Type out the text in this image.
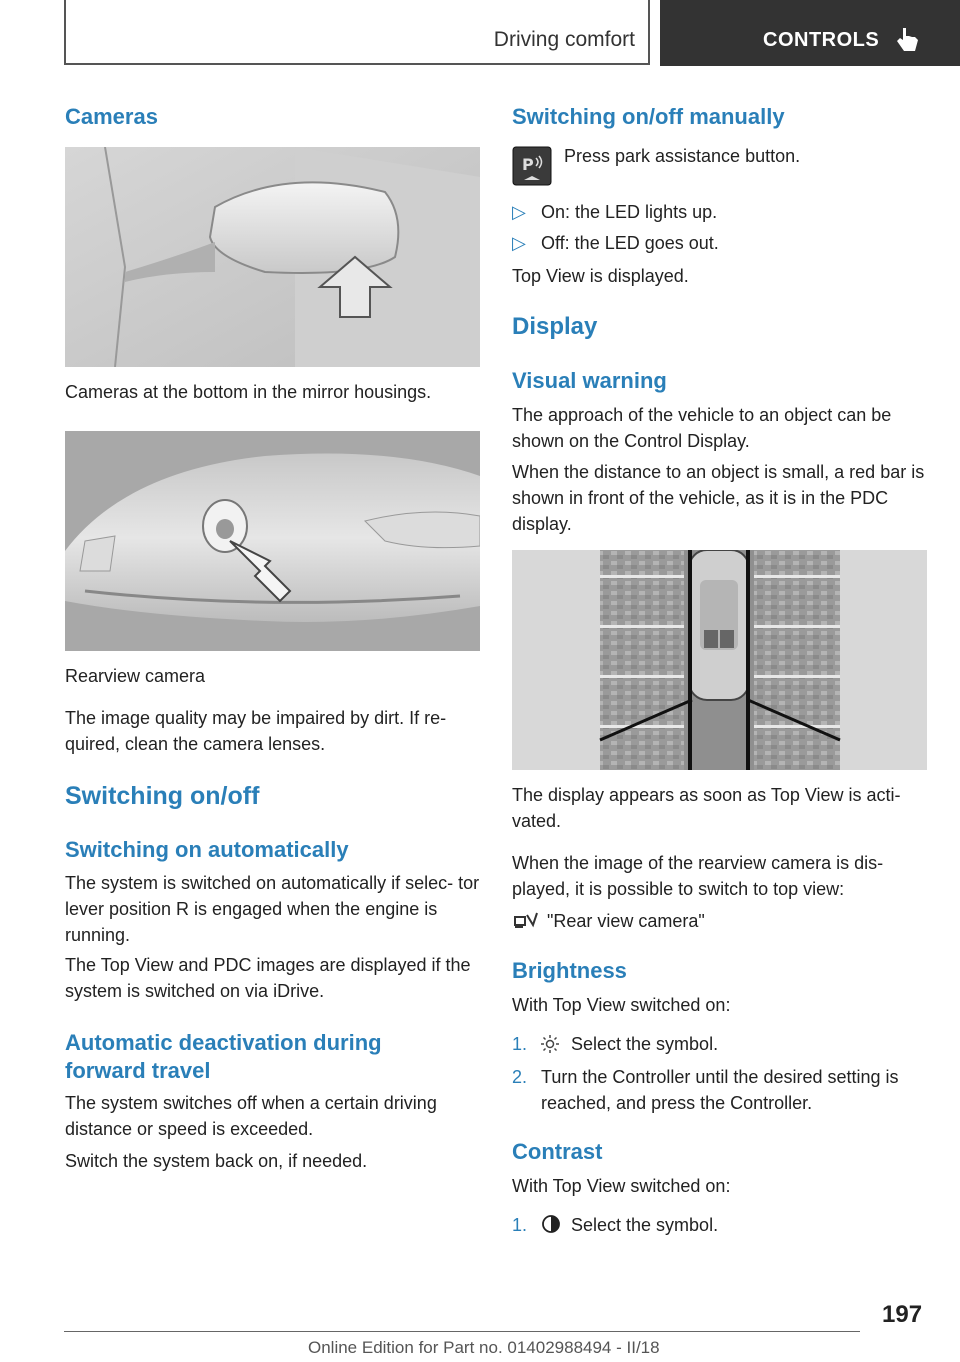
Driving comfort	CONTROLS
Cameras
Cameras at the bottom in the mirror housings.
Rearview camera
The image quality may be impaired by dirt. If re‐ quired, clean the camera lenses.
Switching on/off
Switching on automatically
The system is switched on automatically if selec‐ tor lever position R is engaged when the engine is running.
The Top View and PDC images are displayed if the system is switched on via iDrive.
Automatic deactivation during forward travel
The system switches off when a certain driving distance or speed is exceeded.
Switch the system back on, if needed.
Switching on/off manually
P Press park assistance button.
▷ On: the LED lights up.
▷ Off: the LED goes out.
Top View is displayed.
Display
Visual warning
The approach of the vehicle to an object can be shown on the Control Display.
When the distance to an object is small, a red bar is shown in front of the vehicle, as it is in the PDC display.
The display appears as soon as Top View is acti‐ vated.
When the image of the rearview camera is dis‐ played, it is possible to switch to top view:
"Rear view camera"
Brightness
With Top View switched on:
1. Select the symbol.
2. Turn the Controller until the desired setting is reached, and press the Controller.
Contrast
With Top View switched on:
1. Select the symbol.
197
Online Edition for Part no. 01402988494 - II/18
